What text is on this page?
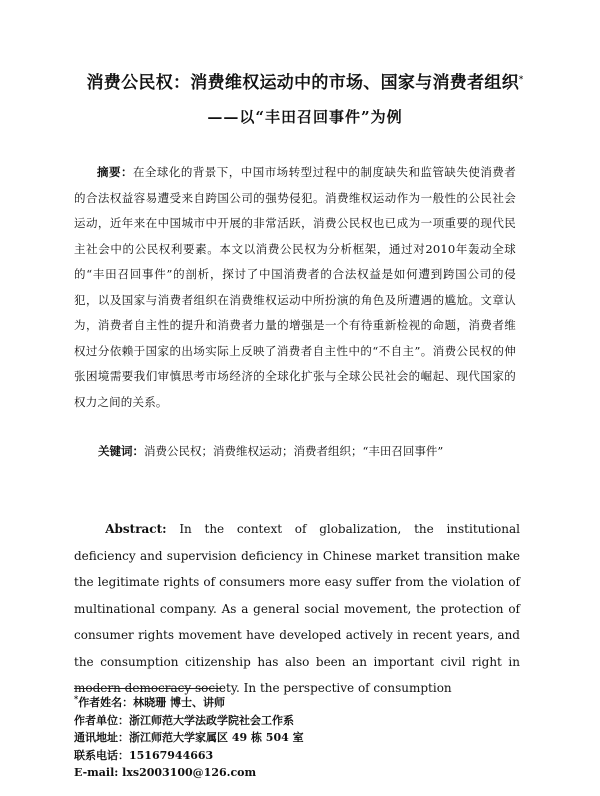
消费公民权：消费维权运动中的市场、国家与消费者组织*
——以“丰田召回事件”为例
摘要：在全球化的背景下，中国市场转型过程中的制度缺失和监管缺失使消费者的合法权益容易遭受来自跨国公司的强势侵犯。消费维权运动作为一般性的公民社会运动，近年来在中国城市中开展的非常活跃，消费公民权也已成为一项重要的现代民主社会中的公民权利要素。本文以消费公民权为分析框架，通过对2010年轰动全球的“丰田召回事件”的剖析，探讨了中国消费者的合法权益是如何遭到跨国公司的侵犯，以及国家与消费者组织在消费维权运动中所扮演的角色及所遭遇的尴尬。文章认为，消费者自主性的提升和消费者力量的增强是一个有待重新检视的命题，消费者维权过分依赖于国家的出场实际上反映了消费者自主性中的“不自主”。消费公民权的伸张困境需要我们审慎思考市场经济的全球化扩张与全球公民社会的崛起、现代国家的权力之间的关系。
关键词：消费公民权；消费维权运动；消费者组织；“丰田召回事件”
Abstract: In the context of globalization, the institutional deficiency and supervision deficiency in Chinese market transition make the legitimate rights of consumers more easy suffer from the violation of multinational company. As a general social movement, the protection of consumer rights movement have developed actively in recent years, and the consumption citizenship has also been an important civil right in modern democracy society. In the perspective of consumption
*作者姓名：林晓珊 博士、讲师
作者单位：浙江师范大学法政学院社会工作系
通讯地址：浙江师范大学家属区 49 栋 504 室
联系电话：15167944663
E-mail: lxs2003100@126.com
